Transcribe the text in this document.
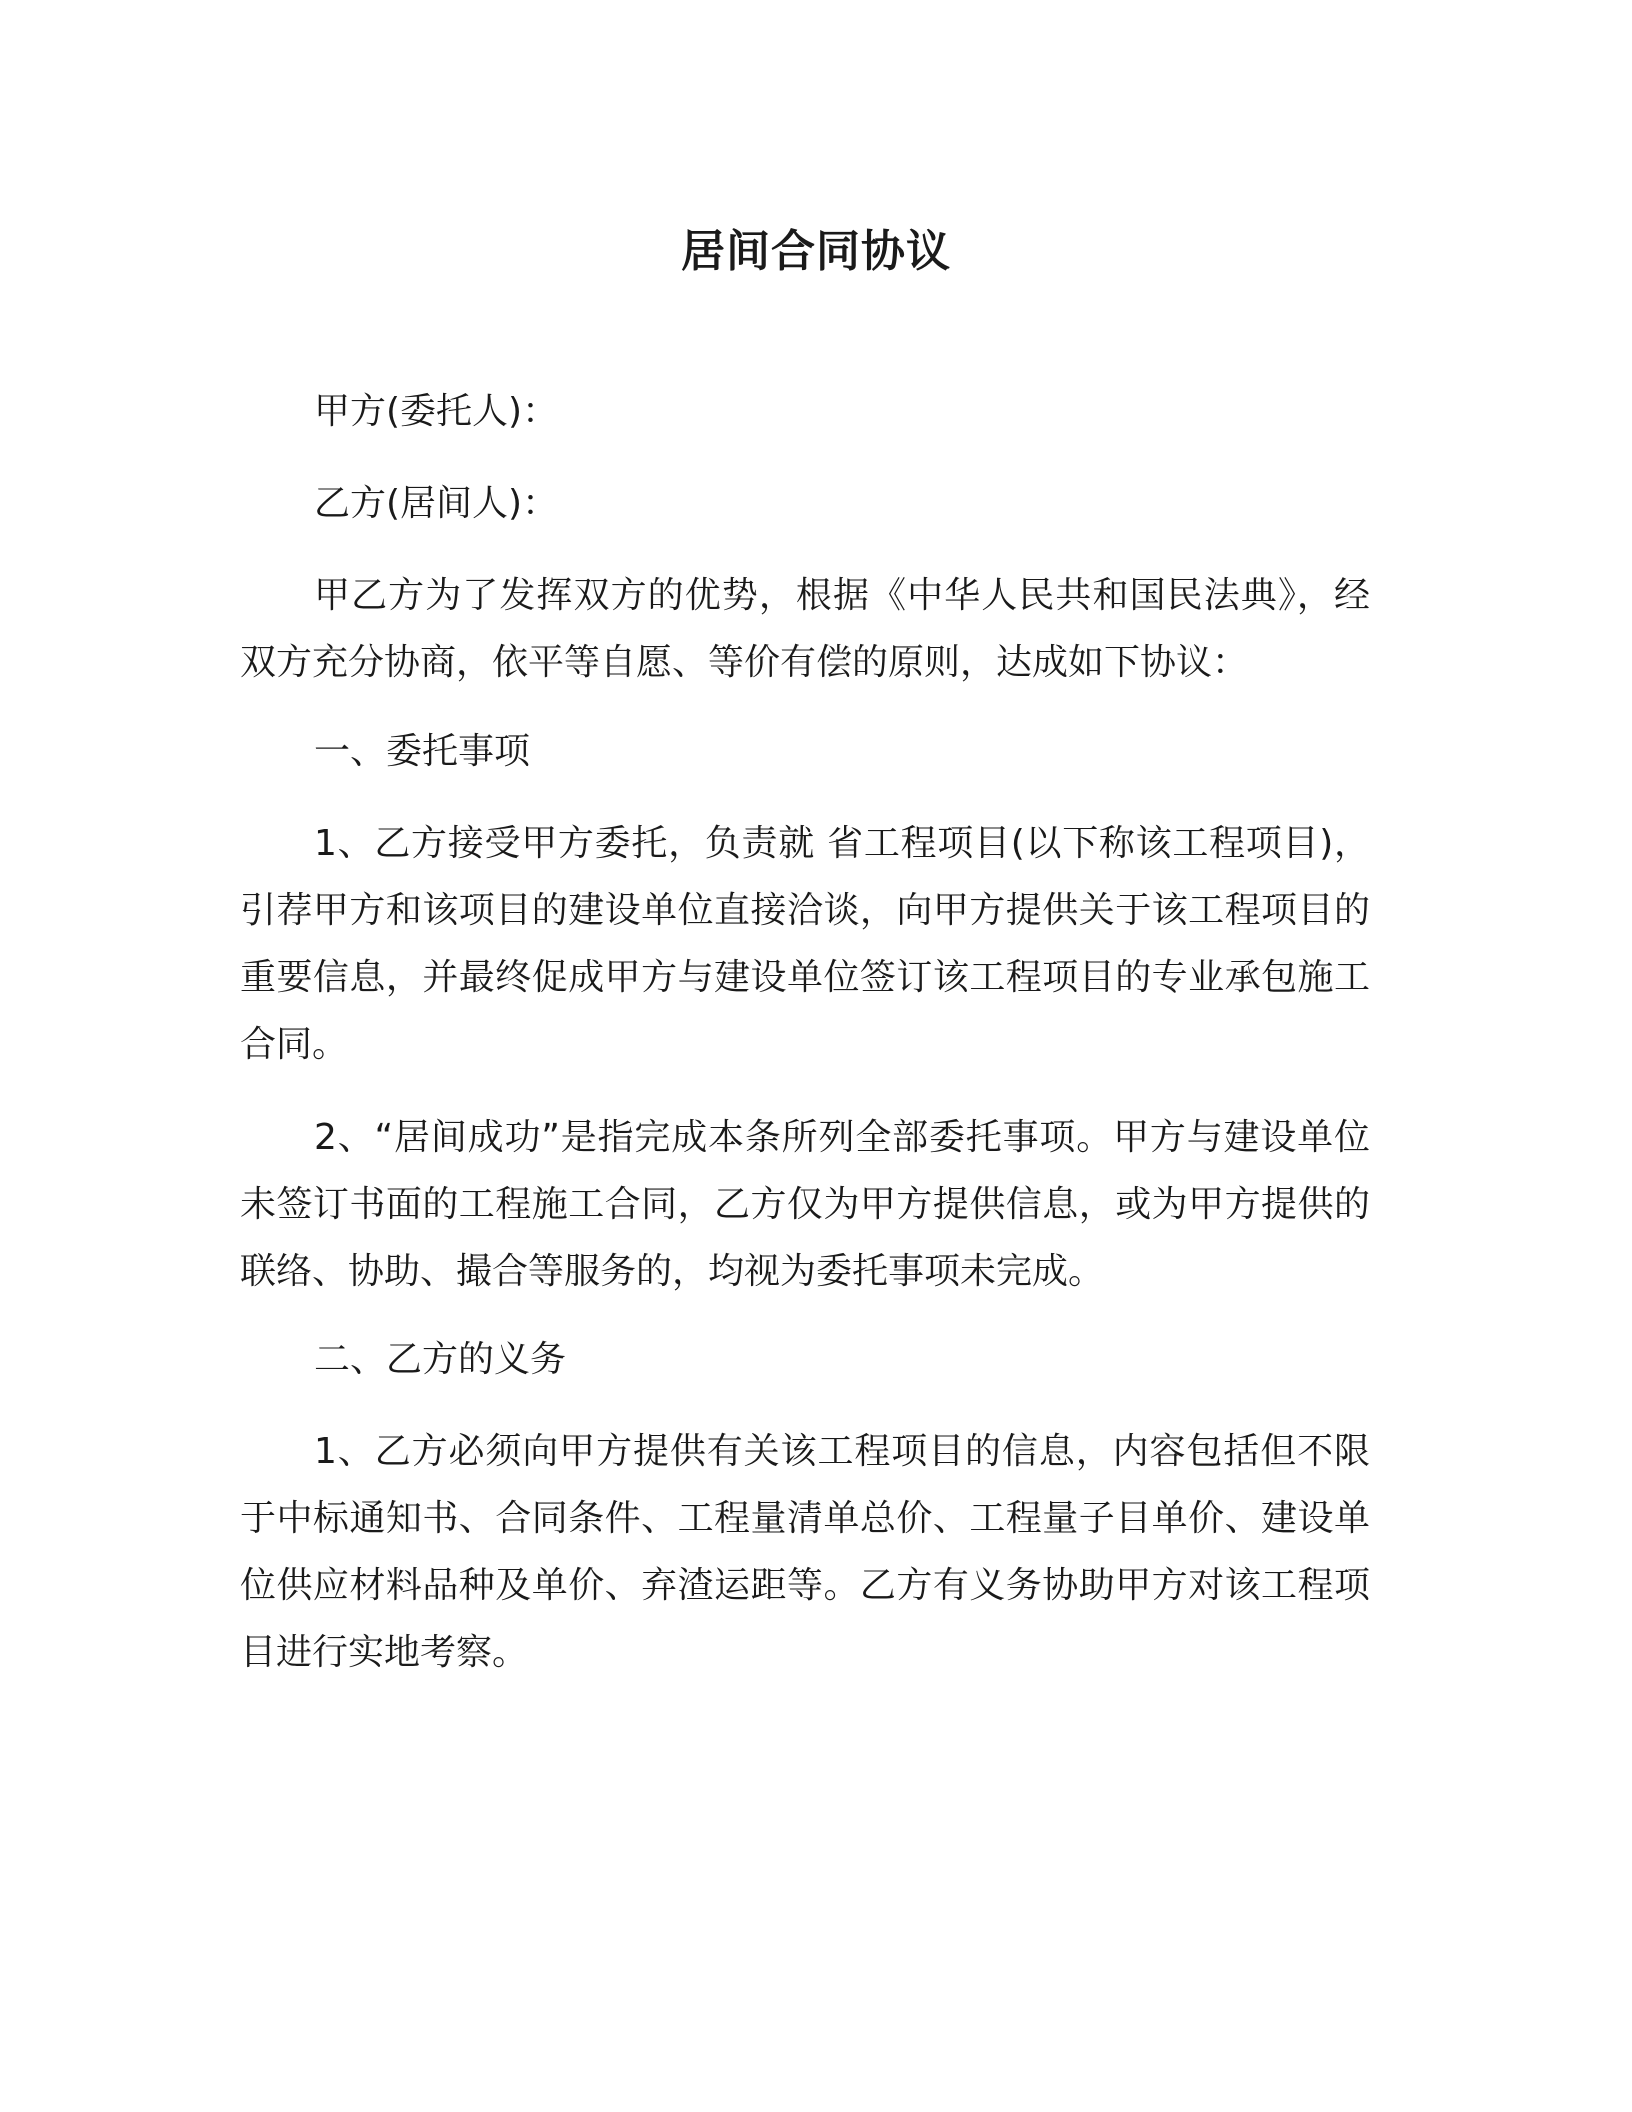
居间合同协议
甲方(委托人)：
乙方(居间人)：
甲乙方为了发挥双方的优势，根据《中华人民共和国民法典》，经双方充分协商，依平等自愿、等价有偿的原则，达成如下协议：
一、委托事项
1、乙方接受甲方委托，负责就 省工程项目(以下称该工程项目)，引荐甲方和该项目的建设单位直接洽谈，向甲方提供关于该工程项目的重要信息，并最终促成甲方与建设单位签订该工程项目的专业承包施工合同。
2、“居间成功”是指完成本条所列全部委托事项。甲方与建设单位未签订书面的工程施工合同，乙方仅为甲方提供信息，或为甲方提供的联络、协助、撮合等服务的，均视为委托事项未完成。
二、乙方的义务
1、乙方必须向甲方提供有关该工程项目的信息，内容包括但不限于中标通知书、合同条件、工程量清单总价、工程量子目单价、建设单位供应材料品种及单价、弃渣运距等。乙方有义务协助甲方对该工程项目进行实地考察。
